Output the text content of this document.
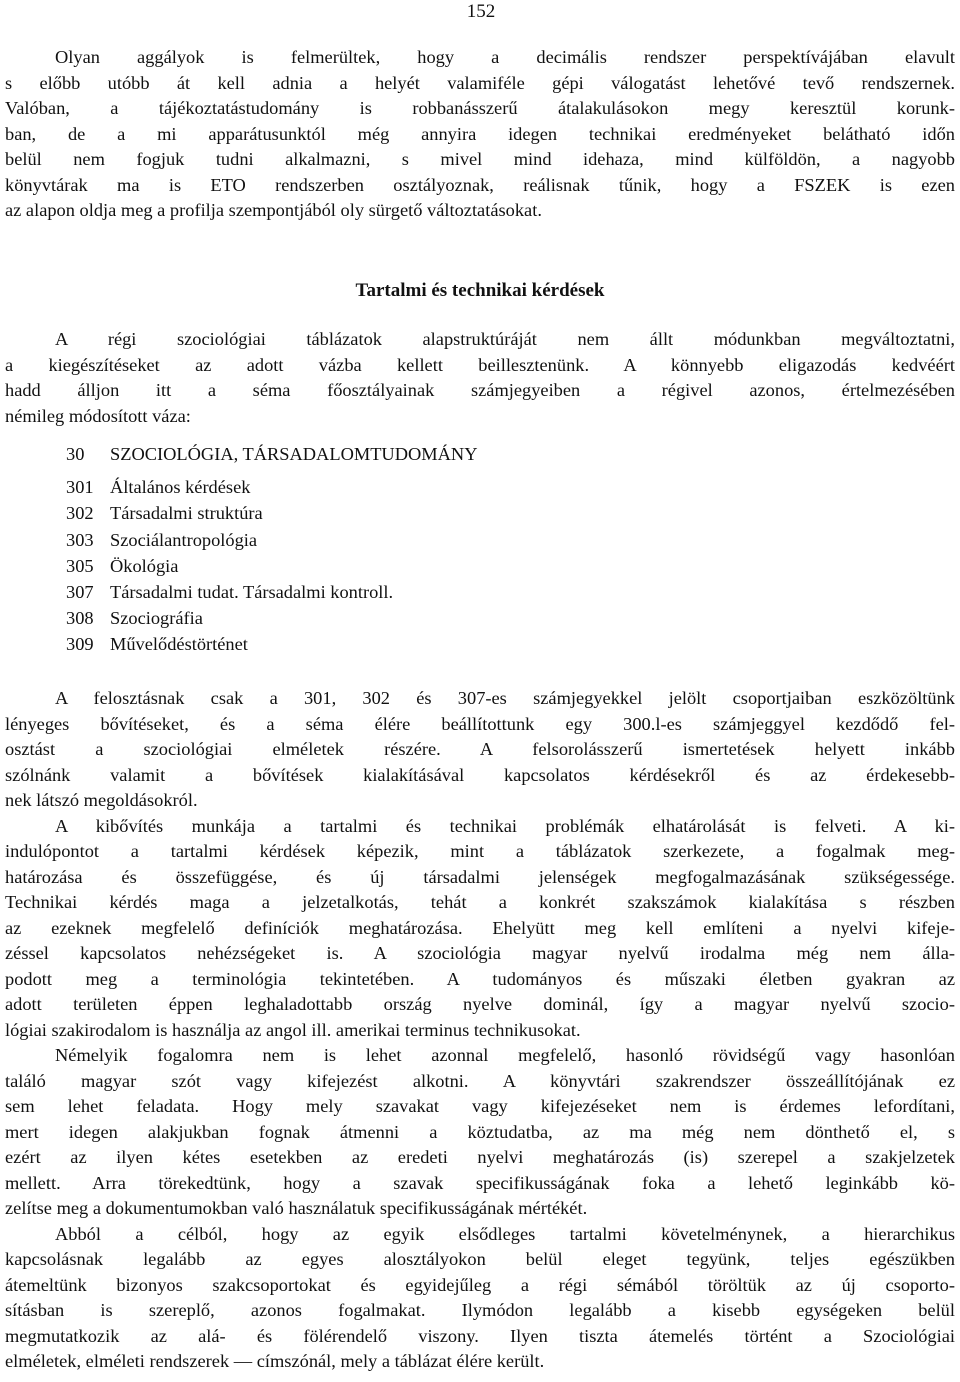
152
Olyan aggályok is felmerültek, hogy a decimális rendszer perspektívájában elavult
s előbb utóbb át kell adnia a helyét valamiféle gépi válogatást lehetővé tevő rendszernek.
Valóban, a tájékoztatástudomány is robbanásszerű átalakulásokon megy keresztül korunk-
ban, de a mi apparátusunktól még annyira idegen technikai eredményeket belátható időn
belül nem fogjuk tudni alkalmazni, s mivel mind idehaza, mind külföldön, a nagyobb
könyvtárak ma is ETO rendszerben osztályoznak, reálisnak tűnik, hogy a FSZEK is ezen
az alapon oldja meg a profilja szempontjából oly sürgető változtatásokat.
Tartalmi és technikai kérdések
A régi szociológiai táblázatok alapstruktúráját nem állt módunkban megváltoztatni,
a kiegészítéseket az adott vázba kellett beillesztenünk. A könnyebb eligazodás kedvéért
hadd álljon itt a séma főosztályainak számjegyeiben a régivel azonos, értelmezésében
némileg módosított váza:
30 SZOCIOLÓGIA, TÁRSADALOMTUDOMÁNY
301 Általános kérdések
302 Társadalmi struktúra
303 Szociálantropológia
305 Ökológia
307 Társadalmi tudat. Társadalmi kontroll.
308 Szociográfia
309 Művelődéstörténet
A felosztásnak csak a 301, 302 és 307-es számjegyekkel jelölt csoportjaiban eszközöltünk
lényeges bővítéseket, és a séma élére beállítottunk egy 300.l-es számjeggyel kezdődő fel-
osztást a szociológiai elméletek részére. A felsorolásszerű ismertetések helyett inkább
szólnánk valamit a bővítések kialakításával kapcsolatos kérdésekről és az érdekesebb-
nek látszó megoldásokról.
A kibővítés munkája a tartalmi és technikai problémák elhatárolását is felveti. A ki-
indulópontot a tartalmi kérdések képezik, mint a táblázatok szerkezete, a fogalmak meg-
határozása és összefüggése, és új társadalmi jelenségek megfogalmazásának szükségessége.
Technikai kérdés maga a jelzetalkotás, tehát a konkrét szakszámok kialakítása s részben
az ezeknek megfelelő definíciók meghatározása. Ehelyütt meg kell említeni a nyelvi kifeje-
zéssel kapcsolatos nehézségeket is. A szociológia magyar nyelvű irodalma még nem álla-
podott meg a terminológia tekintetében. A tudományos és műszaki életben gyakran az
adott területen éppen leghaladottabb ország nyelve dominál, így a magyar nyelvű szocio-
lógiai szakirodalom is használja az angol ill. amerikai terminus technikusokat.
Némelyik fogalomra nem is lehet azonnal megfelelő, hasonló rövidségű vagy hasonlóan
találó magyar szót vagy kifejezést alkotni. A könyvtári szakrendszer összeállítójának ez
sem lehet feladata. Hogy mely szavakat vagy kifejezéseket nem is érdemes lefordítani,
mert idegen alakjukban fognak átmenni a köztudatba, az ma még nem dönthető el, s
ezért az ilyen kétes esetekben az eredeti nyelvi meghatározás (is) szerepel a szakjelzetek
mellett. Arra törekedtünk, hogy a szavak specifikusságának foka a lehető leginkább kö-
zelítse meg a dokumentumokban való használatuk specifikusságának mértékét.
Abból a célból, hogy az egyik elsődleges tartalmi követelménynek, a hierarchikus
kapcsolásnak legalább az egyes alosztályokon belül eleget tegyünk, teljes egészükben
átemeltünk bizonyos szakcsoportokat és egyidejűleg a régi sémából töröltük az új csoporto-
sításban is szereplő, azonos fogalmakat. Ilymódon legalább a kisebb egységeken belül
megmutatkozik az alá- és fölérendelő viszony. Ilyen tiszta átemelés történt a Szociológiai
elméletek, elméleti rendszerek — címszónál, mely a táblázat élére került.
